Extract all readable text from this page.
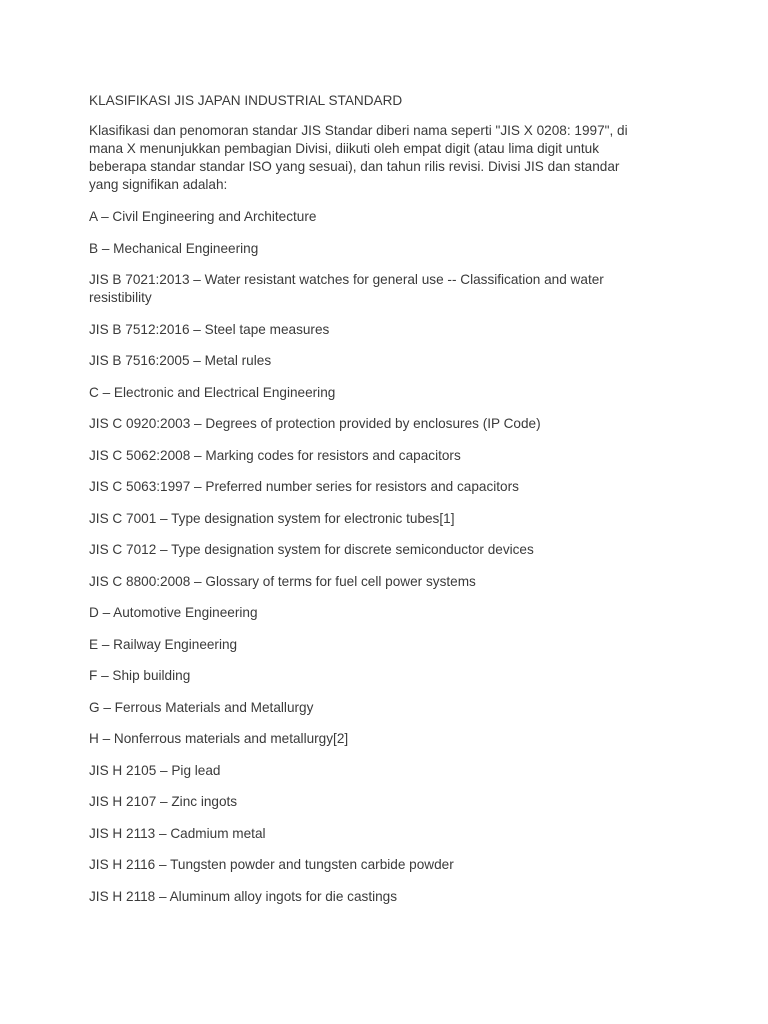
KLASIFIKASI JIS JAPAN INDUSTRIAL STANDARD

Klasifikasi dan penomoran standar JIS Standar diberi nama seperti "JIS X 0208: 1997", di mana X menunjukkan pembagian Divisi, diikuti oleh empat digit (atau lima digit untuk beberapa standar standar ISO yang sesuai), dan tahun rilis revisi. Divisi JIS dan standar yang signifikan adalah:

A – Civil Engineering and Architecture

B – Mechanical Engineering

JIS B 7021:2013 – Water resistant watches for general use -- Classification and water resistibility

JIS B 7512:2016 – Steel tape measures

JIS B 7516:2005 – Metal rules

C – Electronic and Electrical Engineering

JIS C 0920:2003 – Degrees of protection provided by enclosures (IP Code)

JIS C 5062:2008 – Marking codes for resistors and capacitors

JIS C 5063:1997 – Preferred number series for resistors and capacitors

JIS C 7001 – Type designation system for electronic tubes[1]

JIS C 7012 – Type designation system for discrete semiconductor devices

JIS C 8800:2008 – Glossary of terms for fuel cell power systems

D – Automotive Engineering

E – Railway Engineering

F – Ship building

G – Ferrous Materials and Metallurgy

H – Nonferrous materials and metallurgy[2]

JIS H 2105 – Pig lead

JIS H 2107 – Zinc ingots

JIS H 2113 – Cadmium metal

JIS H 2116 – Tungsten powder and tungsten carbide powder

JIS H 2118 – Aluminum alloy ingots for die castings
